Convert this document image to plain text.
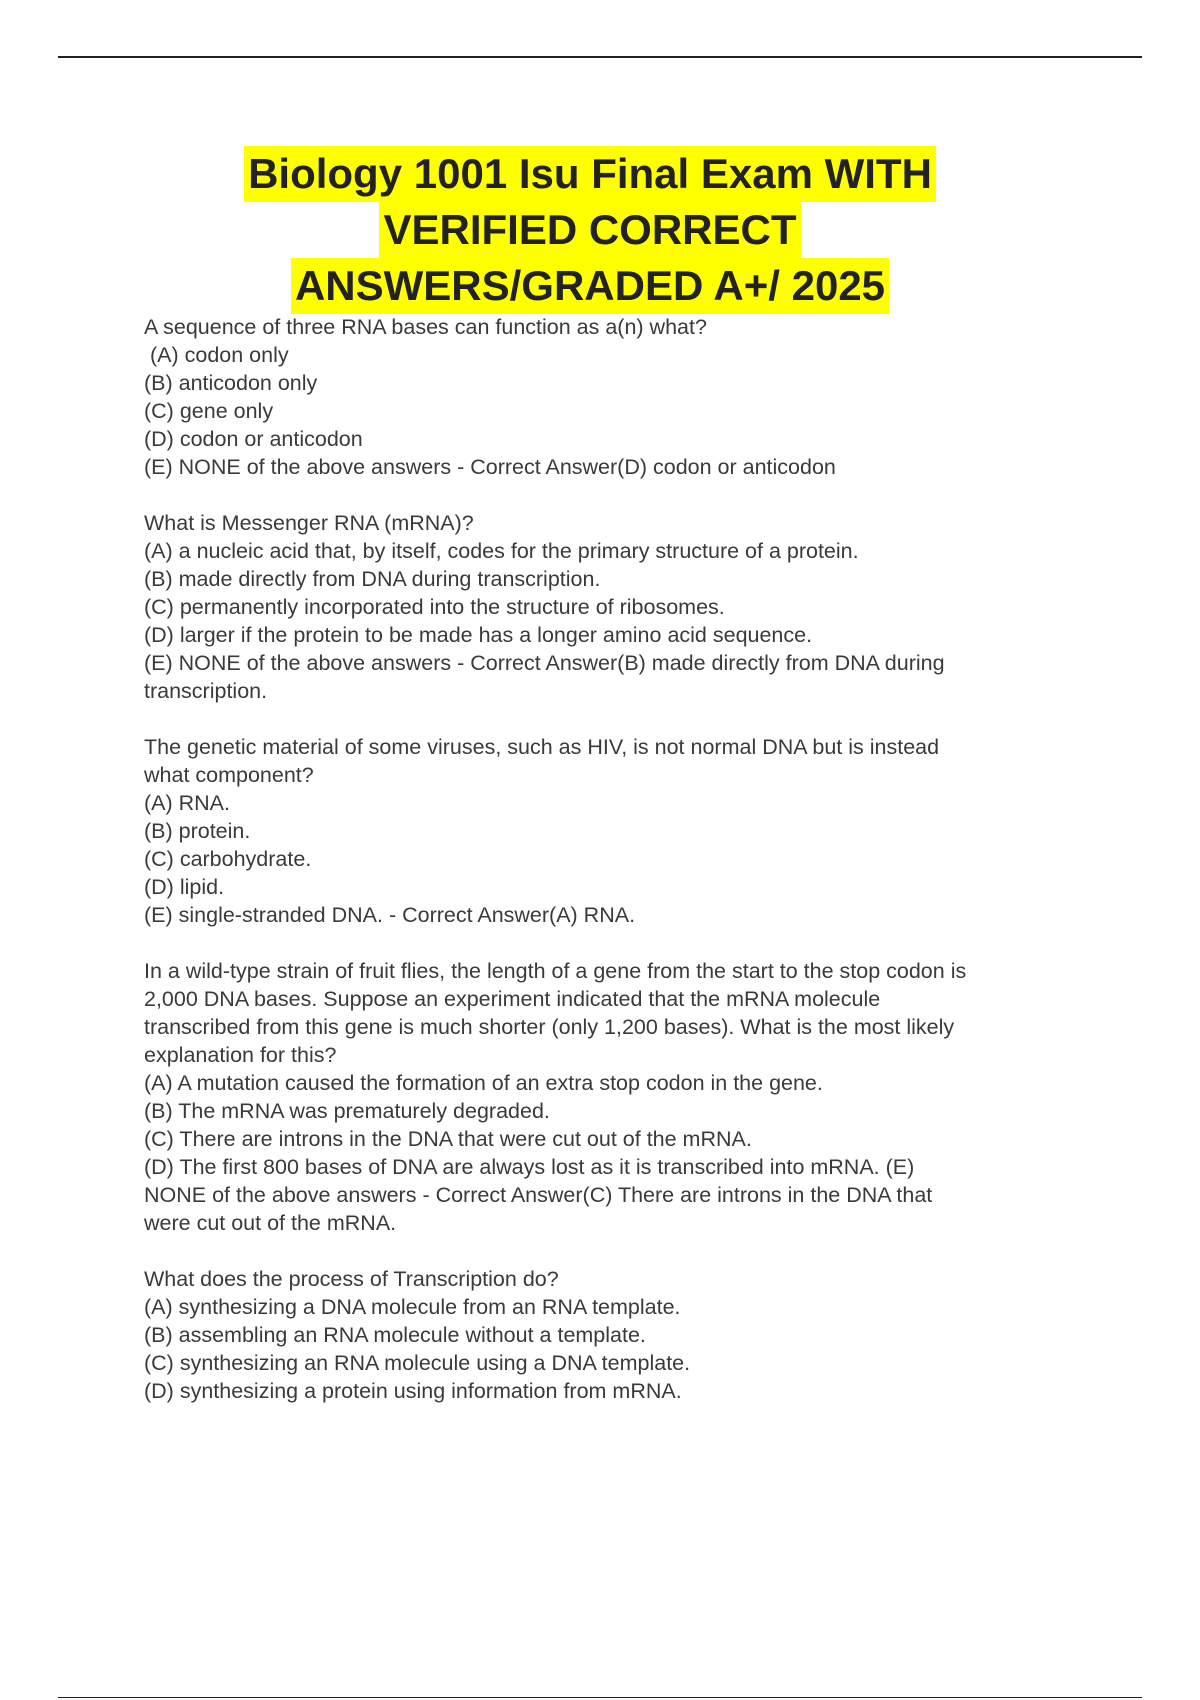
Biology 1001 Isu Final Exam WITH
VERIFIED CORRECT
ANSWERS/GRADED A+/ 2025
A sequence of three RNA bases can function as a(n) what?
(A) codon only
(B) anticodon only
(C) gene only
(D) codon or anticodon
(E) NONE of the above answers - Correct Answer(D) codon or anticodon
What is Messenger RNA (mRNA)?
(A) a nucleic acid that, by itself, codes for the primary structure of a protein.
(B) made directly from DNA during transcription.
(C) permanently incorporated into the structure of ribosomes.
(D) larger if the protein to be made has a longer amino acid sequence.
(E) NONE of the above answers - Correct Answer(B) made directly from DNA during
transcription.
The genetic material of some viruses, such as HIV, is not normal DNA but is instead
what component?
(A) RNA.
(B) protein.
(C) carbohydrate.
(D) lipid.
(E) single-stranded DNA. - Correct Answer(A) RNA.
In a wild-type strain of fruit flies, the length of a gene from the start to the stop codon is
2,000 DNA bases. Suppose an experiment indicated that the mRNA molecule
transcribed from this gene is much shorter (only 1,200 bases). What is the most likely
explanation for this?
(A) A mutation caused the formation of an extra stop codon in the gene.
(B) The mRNA was prematurely degraded.
(C) There are introns in the DNA that were cut out of the mRNA.
(D) The first 800 bases of DNA are always lost as it is transcribed into mRNA. (E)
NONE of the above answers - Correct Answer(C) There are introns in the DNA that
were cut out of the mRNA.
What does the process of Transcription do?
(A) synthesizing a DNA molecule from an RNA template.
(B) assembling an RNA molecule without a template.
(C) synthesizing an RNA molecule using a DNA template.
(D) synthesizing a protein using information from mRNA.
